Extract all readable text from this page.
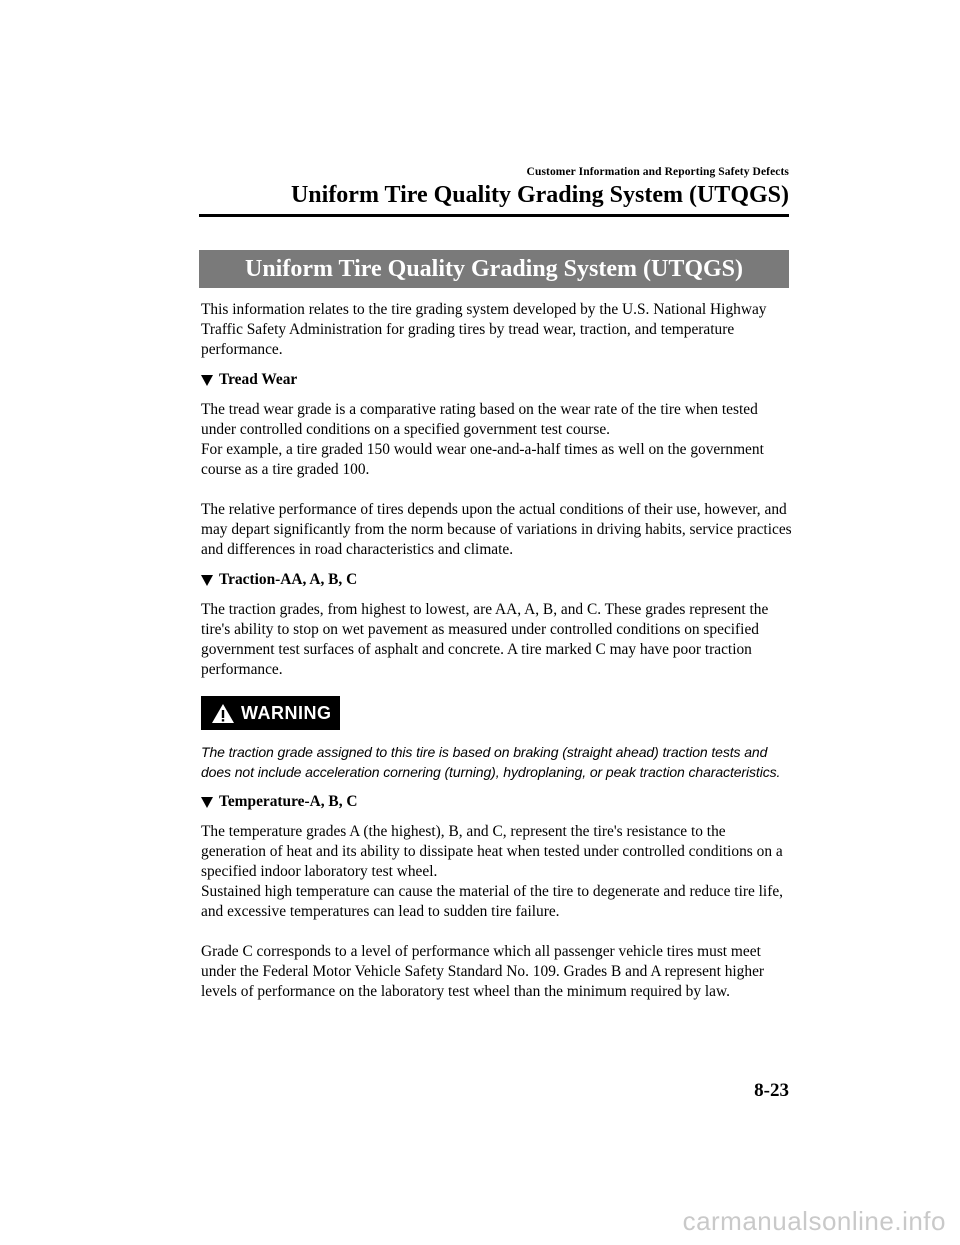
Customer Information and Reporting Safety Defects
Uniform Tire Quality Grading System (UTQGS)
Uniform Tire Quality Grading System (UTQGS)

This information relates to the tire grading system developed by the U.S. National Highway Traffic Safety Administration for grading tires by tread wear, traction, and temperature performance.

Tread Wear

The tread wear grade is a comparative rating based on the wear rate of the tire when tested under controlled conditions on a specified government test course.

For example, a tire graded 150 would wear one-and-a-half times as well on the government course as a tire graded 100.

The relative performance of tires depends upon the actual conditions of their use, however, and may depart significantly from the norm because of variations in driving habits, service practices and differences in road characteristics and climate.

Traction-AA, A, B, C

The traction grades, from highest to lowest, are AA, A, B, and C. These grades represent the tire's ability to stop on wet pavement as measured under controlled conditions on specified government test surfaces of asphalt and concrete. A tire marked C may have poor traction performance.

WARNING

The traction grade assigned to this tire is based on braking (straight ahead) traction tests and does not include acceleration cornering (turning), hydroplaning, or peak traction characteristics.

Temperature-A, B, C

The temperature grades A (the highest), B, and C, represent the tire's resistance to the generation of heat and its ability to dissipate heat when tested under controlled conditions on a specified indoor laboratory test wheel.

Sustained high temperature can cause the material of the tire to degenerate and reduce tire life, and excessive temperatures can lead to sudden tire failure.

Grade C corresponds to a level of performance which all passenger vehicle tires must meet under the Federal Motor Vehicle Safety Standard No. 109. Grades B and A represent higher levels of performance on the laboratory test wheel than the minimum required by law.

8-23
carmanualsonline.info
